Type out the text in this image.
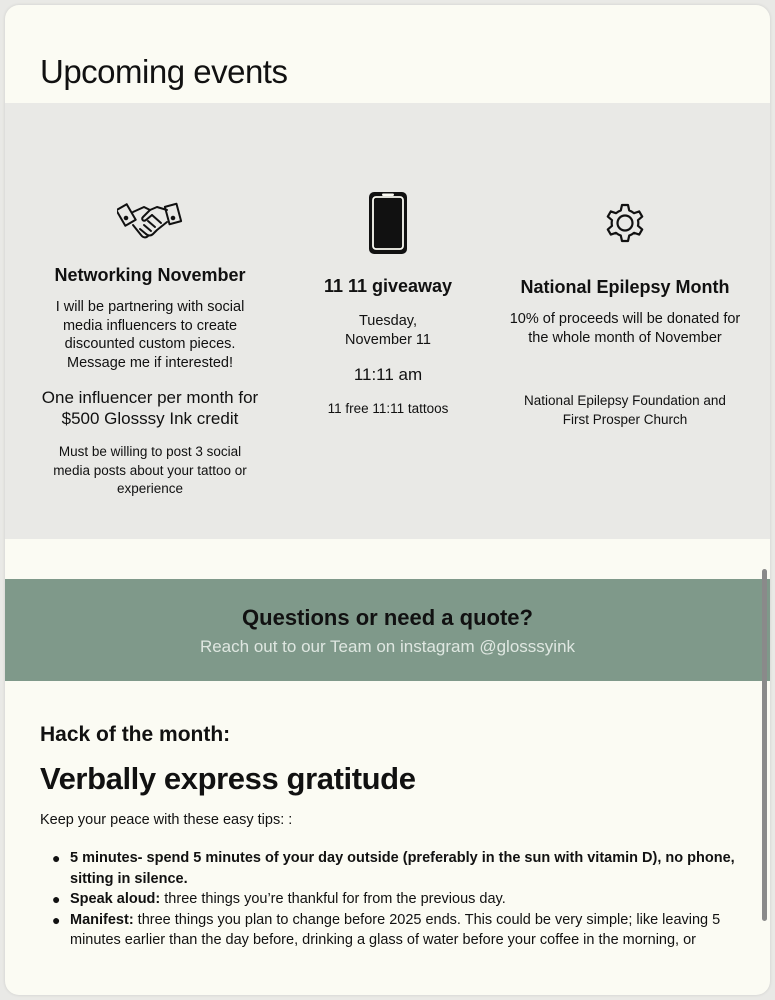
Upcoming events
Networking November
I will be partnering with social media influencers to create discounted custom pieces. Message me if interested!
One influencer per month for $500 Glosssy Ink credit
Must be willing to post 3 social media posts about your tattoo or experience
11 11 giveaway
Tuesday, November 11
11:11 am
11 free 11:11 tattoos
National Epilepsy Month
10% of proceeds will be donated for the whole month of November
National Epilepsy Foundation and First Prosper Church
Questions or need a quote?
Reach out to our Team on instagram @glosssyink
Hack of the month:
Verbally express gratitude

Keep your peace with these easy tips: :

● 5 minutes- spend 5 minutes of your day outside (preferably in the sun with vitamin D), no phone, sitting in silence.
● Speak aloud: three things you’re thankful for from the previous day.
● Manifest: three things you plan to change before 2025 ends. This could be very simple; like leaving 5 minutes earlier than the day before, drinking a glass of water before your coffee in the morning, or
